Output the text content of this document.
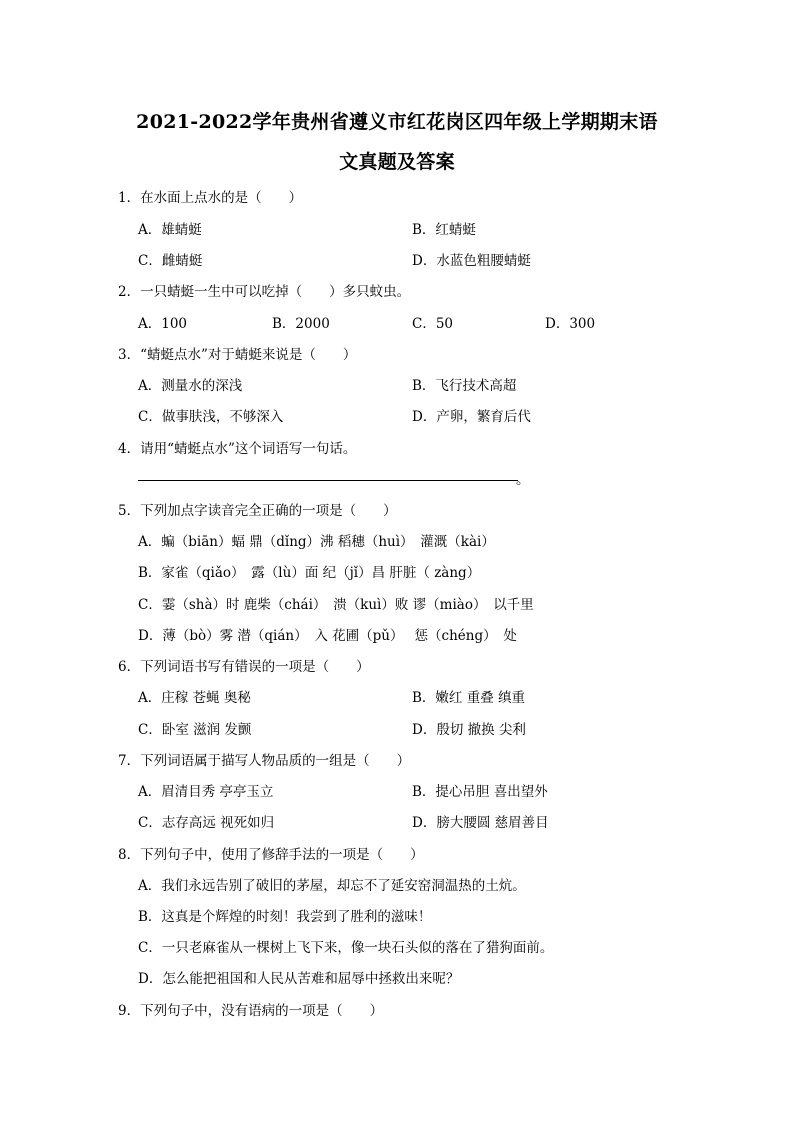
2021-2022学年贵州省遵义市红花岗区四年级上学期期末语
文真题及答案
1．在水面上点水的是（　　）
A．雄蜻蜓	B．红蜻蜓
C．雌蜻蜓	D．水蓝色粗腰蜻蜓
2．一只蜻蜓一生中可以吃掉（　　）多只蚊虫。
A．100	B．2000	C．50	D．300
3．“蜻蜓点水”对于蜻蜓来说是（　　）
A．测量水的深浅	B．飞行技术高超
C．做事肤浅，不够深入	D．产卵，繁育后代
4．请用“蜻蜓点水”这个词语写一句话。
。
5．下列加点字读音完全正确的一项是（　　）
A．蝙（biān）蝠 鼎（dǐng）沸 稻穗（huì）　灌溉（kài）
B．家雀（qiǎo）　露（lù）面 纪（jǐ）昌 肝脏（ zàng）
C．霎（shà）时 鹿柴（chái）　溃（kuì）败 谬（miào）　以千里
D．薄（bò）雾 潜（qián）　入 花圃（pǔ）　 惩（chéng）　处
6．下列词语书写有错误的一项是（　　）
A．庄稼 苍蝇 奥秘	B．嫩红 重叠 缜重
C．卧室 滋润 发颤	D．殷切 撤换 尖利
7．下列词语属于描写人物品质的一组是（　　）
A．眉清目秀 亭亭玉立	B．提心吊胆 喜出望外
C．志存高远 视死如归	D．膀大腰圆 慈眉善目
8．下列句子中，使用了修辞手法的一项是（　　）
A．我们永远告别了破旧的茅屋，却忘不了延安窑洞温热的土炕。
B．这真是个辉煌的时刻！我尝到了胜利的滋味！
C．一只老麻雀从一棵树上飞下来，像一块石头似的落在了猎狗面前。
D．怎么能把祖国和人民从苦难和屈辱中拯救出来呢？
9．下列句子中，没有语病的一项是（　　）
